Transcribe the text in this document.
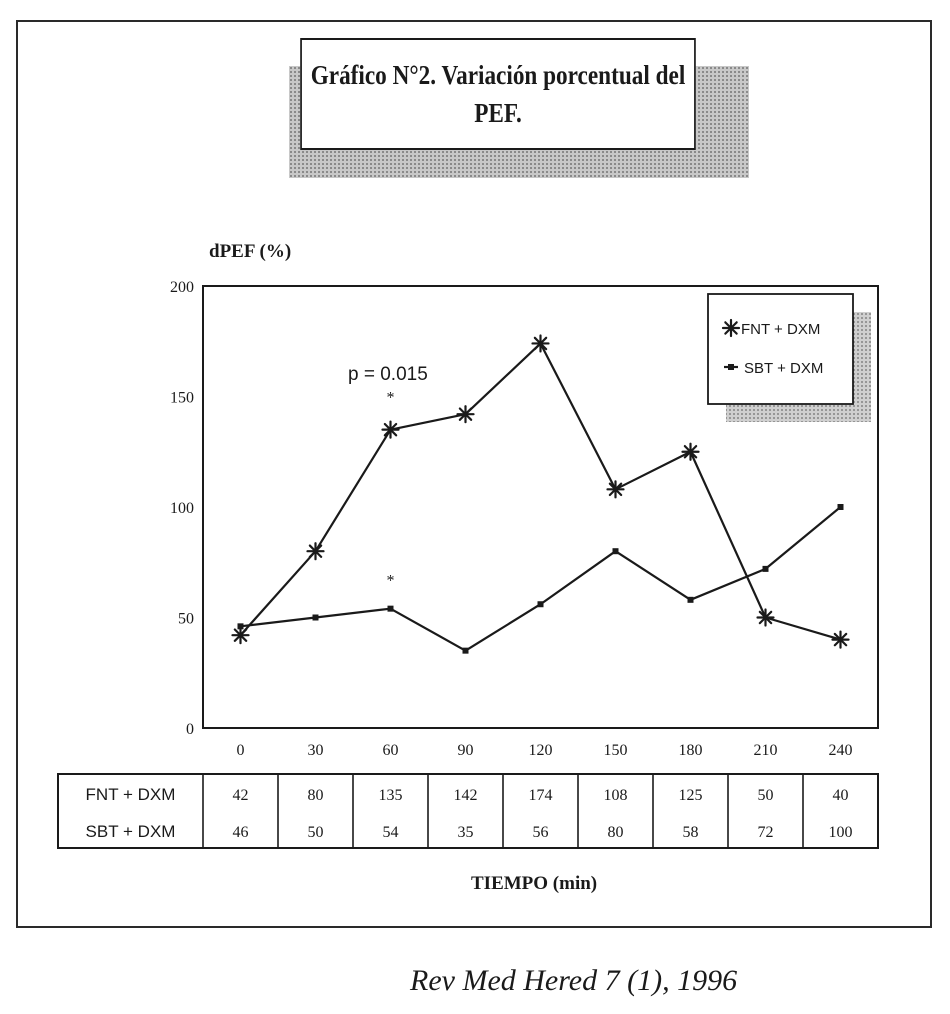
Gráfico N°2. Variación porcentual del
PEF.
dPEF (%)
0
50
100
150
200
0	30	60	90	120	150	180	210	240
p = 0.015
*
*
FNT + DXM
SBT + DXM
FNT + DXM	42	80	135	142	174	108	125	50	40
SBT + DXM	46	50	54	35	56	80	58	72	100
TIEMPO (min)
Rev Med Hered 7 (1), 1996
